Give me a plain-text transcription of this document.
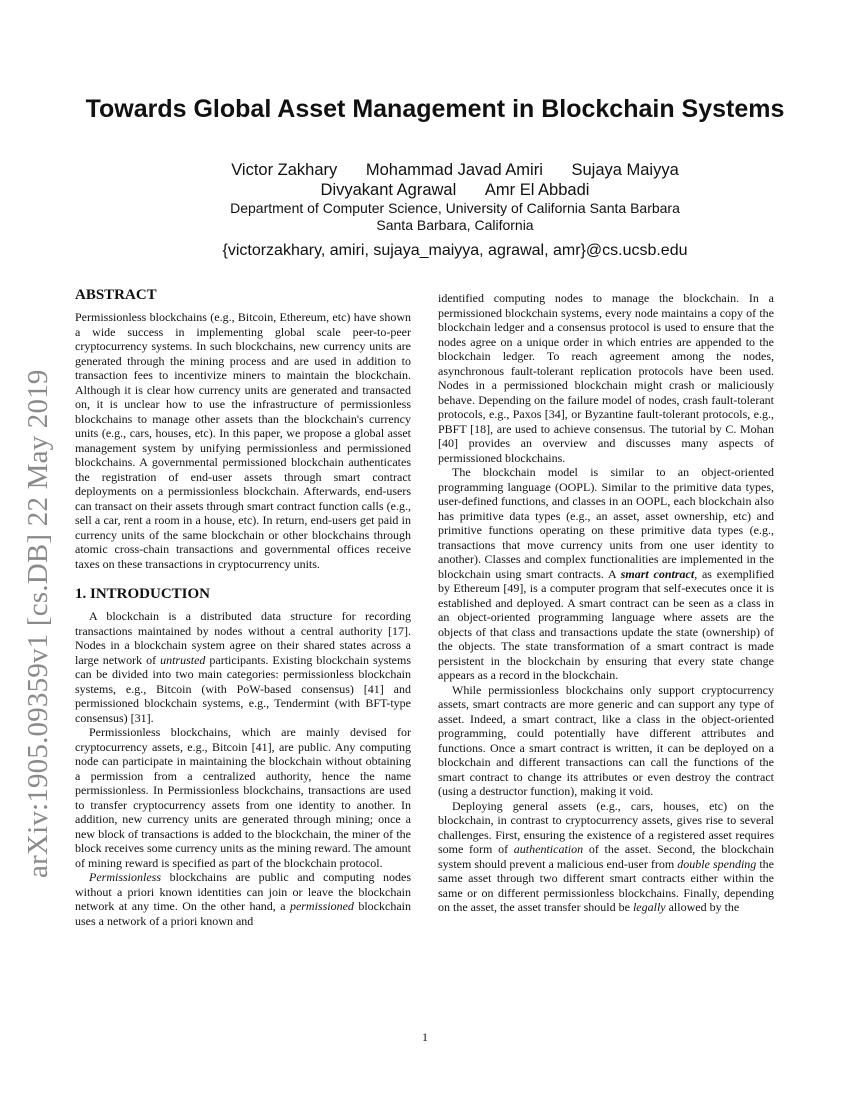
arXiv:1905.09359v1 [cs.DB] 22 May 2019
Towards Global Asset Management in Blockchain Systems
Victor Zakhary Mohammad Javad Amiri Sujaya Maiyya
Divyakant Agrawal Amr El Abbadi
Department of Computer Science, University of California Santa Barbara
Santa Barbara, California
{victorzakhary, amiri, sujaya_maiyya, agrawal, amr}@cs.ucsb.edu
ABSTRACT

Permissionless blockchains (e.g., Bitcoin, Ethereum, etc) have shown a wide success in implementing global scale peer-to-peer cryptocurrency systems. In such blockchains, new currency units are generated through the mining process and are used in addition to transaction fees to incentivize miners to maintain the blockchain. Although it is clear how currency units are generated and transacted on, it is unclear how to use the infrastructure of permissionless blockchains to manage other assets than the blockchain's currency units (e.g., cars, houses, etc). In this paper, we propose a global asset management system by unifying permissionless and permissioned blockchains. A governmental permissioned blockchain authenticates the registration of end-user assets through smart contract deployments on a permissionless blockchain. Afterwards, end-users can transact on their assets through smart contract function calls (e.g., sell a car, rent a room in a house, etc). In return, end-users get paid in currency units of the same blockchain or other blockchains through atomic cross-chain transactions and governmental offices receive taxes on these transactions in cryptocurrency units.

1. INTRODUCTION

A blockchain is a distributed data structure for recording transactions maintained by nodes without a central authority [17]. Nodes in a blockchain system agree on their shared states across a large network of untrusted participants. Existing blockchain systems can be divided into two main categories: permissionless blockchain systems, e.g., Bitcoin (with PoW-based consensus) [41] and permissioned blockchain systems, e.g., Tendermint (with BFT-type consensus) [31].

Permissionless blockchains, which are mainly devised for cryptocurrency assets, e.g., Bitcoin [41], are public. Any computing node can participate in maintaining the blockchain without obtaining a permission from a centralized authority, hence the name permissionless. In Permissionless blockchains, transactions are used to transfer cryptocurrency assets from one identity to another. In addition, new currency units are generated through mining; once a new block of transactions is added to the blockchain, the miner of the block receives some currency units as the mining reward. The amount of mining reward is specified as part of the blockchain protocol.

Permissionless blockchains are public and computing nodes without a priori known identities can join or leave the blockchain network at any time. On the other hand, a permissioned blockchain uses a network of a priori known and

identified computing nodes to manage the blockchain. In a permissioned blockchain systems, every node maintains a copy of the blockchain ledger and a consensus protocol is used to ensure that the nodes agree on a unique order in which entries are appended to the blockchain ledger. To reach agreement among the nodes, asynchronous fault-tolerant replication protocols have been used. Nodes in a permissioned blockchain might crash or maliciously behave. Depending on the failure model of nodes, crash fault-tolerant protocols, e.g., Paxos [34], or Byzantine fault-tolerant protocols, e.g., PBFT [18], are used to achieve consensus. The tutorial by C. Mohan [40] provides an overview and discusses many aspects of permissioned blockchains.

The blockchain model is similar to an object-oriented programming language (OOPL). Similar to the primitive data types, user-defined functions, and classes in an OOPL, each blockchain also has primitive data types (e.g., an asset, asset ownership, etc) and primitive functions operating on these primitive data types (e.g., transactions that move currency units from one user identity to another). Classes and complex functionalities are implemented in the blockchain using smart contracts. A smart contract, as exemplified by Ethereum [49], is a computer program that self-executes once it is established and deployed. A smart contract can be seen as a class in an object-oriented programming language where assets are the objects of that class and transactions update the state (ownership) of the objects. The state transformation of a smart contract is made persistent in the blockchain by ensuring that every state change appears as a record in the blockchain.

While permissionless blockchains only support cryptocurrency assets, smart contracts are more generic and can support any type of asset. Indeed, a smart contract, like a class in the object-oriented programming, could potentially have different attributes and functions. Once a smart contract is written, it can be deployed on a blockchain and different transactions can call the functions of the smart contract to change its attributes or even destroy the contract (using a destructor function), making it void.

Deploying general assets (e.g., cars, houses, etc) on the blockchain, in contrast to cryptocurrency assets, gives rise to several challenges. First, ensuring the existence of a registered asset requires some form of authentication of the asset. Second, the blockchain system should prevent a malicious end-user from double spending the same asset through two different smart contracts either within the same or on different permissionless blockchains. Finally, depending on the asset, the asset transfer should be legally allowed by the

1
